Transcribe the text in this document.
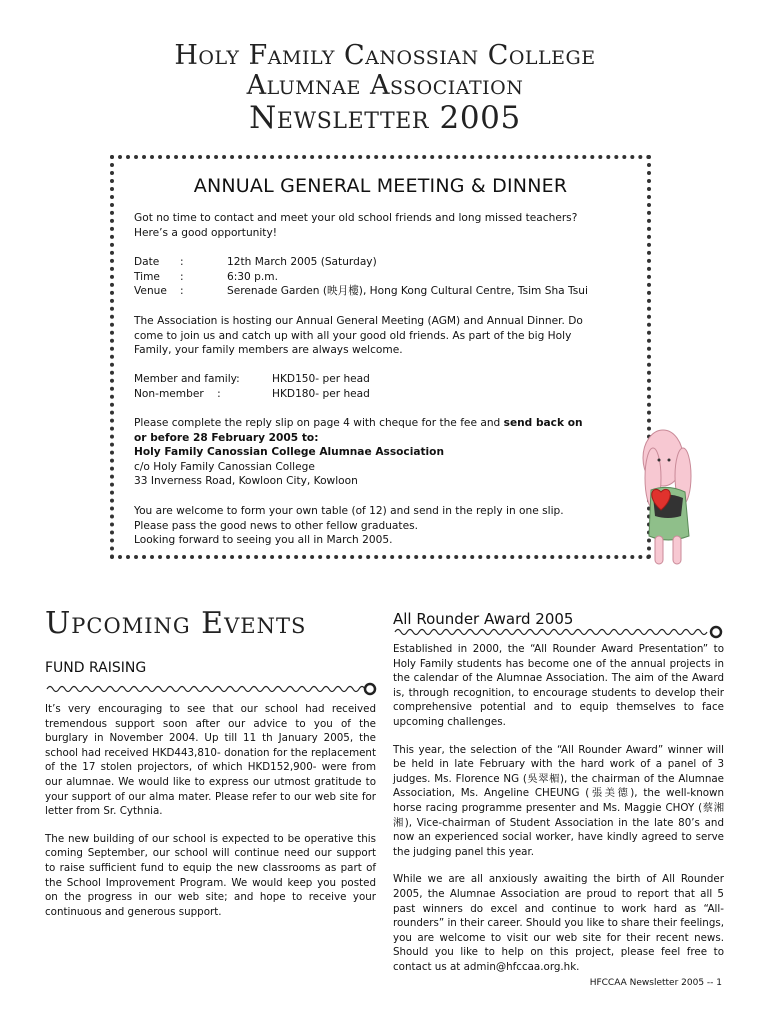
Holy Family Canossian College
Alumnae Association
Newsletter 2005
ANNUAL GENERAL MEETING & DINNER
Got no time to contact and meet your old school friends and long missed teachers?
Here’s a good opportunity!
Date :	12th March 2005 (Saturday)
Time :	6:30 p.m.
Venue :	Serenade Garden (映月樓), Hong Kong Cultural Centre, Tsim Sha Tsui
The Association is hosting our Annual General Meeting (AGM) and Annual Dinner. Do
come to join us and catch up with all your good old friends. As part of the big Holy
Family, your family members are always welcome.
Member and family:	HKD150- per head
Non-member    :	HKD180- per head
Please complete the reply slip on page 4 with cheque for the fee and send back on
or before 28 February 2005 to:
Holy Family Canossian College Alumnae Association
c/o Holy Family Canossian College
33 Inverness Road, Kowloon City, Kowloon
You are welcome to form your own table (of 12) and send in the reply in one slip.
Please pass the good news to other fellow graduates.
Looking forward to seeing you all in March 2005.
Upcoming Events
FUND RAISING

It’s very encouraging to see that our school had received tremendous support soon after our advice to you of the burglary in November 2004. Up till 11 th January 2005, the school had received HKD443,810- donation for the replacement of the 17 stolen projectors, of which HKD152,900- were from our alumnae. We would like to express our utmost gratitude to your support of our alma mater. Please refer to our web site for letter from Sr. Cythnia.

The new building of our school is expected to be operative this coming September, our school will continue need our support to raise sufficient fund to equip the new classrooms as part of the School Improvement Program. We would keep you posted on the progress in our web site; and hope to receive your continuous and generous support.

All Rounder Award 2005

Established in 2000, the “All Rounder Award Presentation” to Holy Family students has become one of the annual projects in the calendar of the Alumnae Association. The aim of the Award is, through recognition, to encourage students to develop their comprehensive potential and to equip themselves to face upcoming challenges.

This year, the selection of the “All Rounder Award” winner will be held in late February with the hard work of a panel of 3 judges. Ms. Florence NG (吳翠楣), the chairman of the Alumnae Association, Ms. Angeline CHEUNG (張美德), the well-known horse racing programme presenter and Ms. Maggie CHOY (蔡湘湘), Vice-chairman of Student Association in the late 80’s and now an experienced social worker, have kindly agreed to serve the judging panel this year.

While we are all anxiously awaiting the birth of All Rounder 2005, the Alumnae Association are proud to report that all 5 past winners do excel and continue to work hard as “All-rounders” in their career. Should you like to share their feelings, you are welcome to visit our web site for their recent news. Should you like to help on this project, please feel free to contact us at admin@hfccaa.org.hk.

HFCCAA Newsletter 2005 -- 1
